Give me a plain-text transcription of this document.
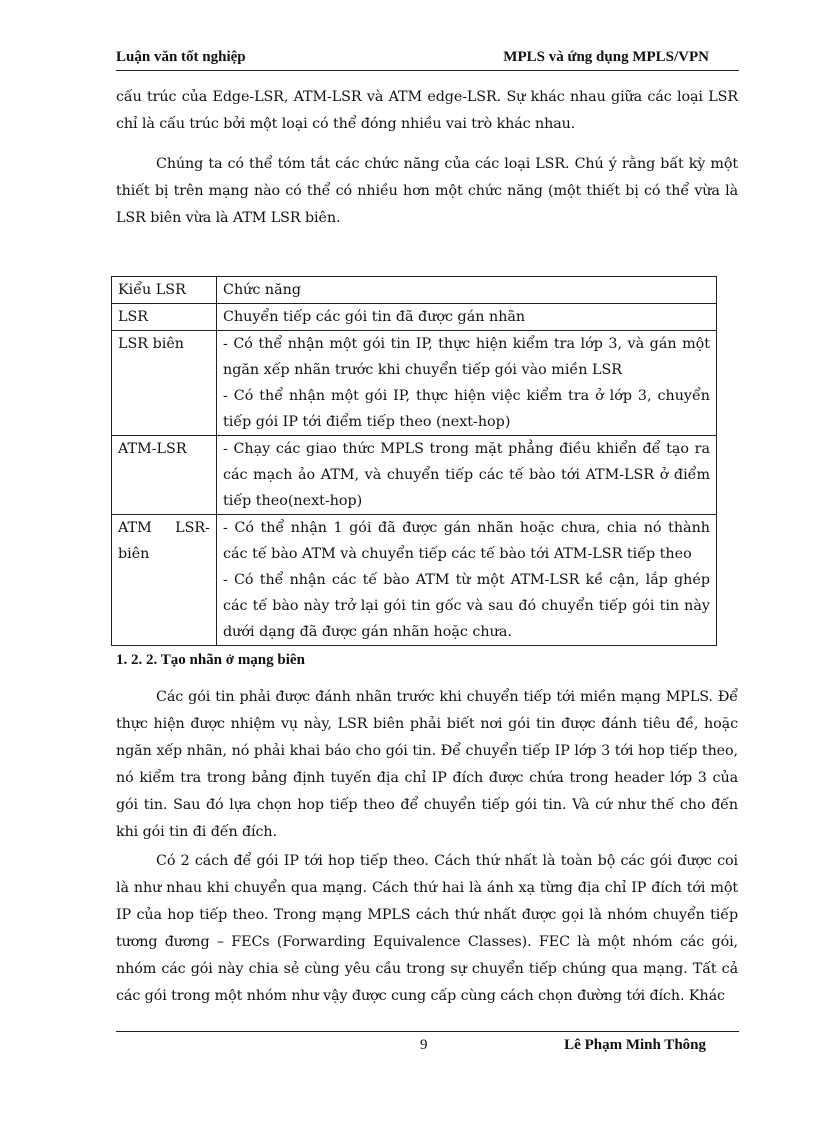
Luận văn tốt nghiệp	MPLS và ứng dụng MPLS/VPN

cấu trúc của Edge-LSR, ATM-LSR và ATM edge-LSR. Sự khác nhau giữa các loại LSR chỉ là cấu trúc bởi một loại có thể đóng nhiều vai trò khác nhau.

Chúng ta có thể tóm tắt các chức năng của các loại LSR. Chú ý rằng bất kỳ một thiết bị trên mạng nào có thể có nhiều hơn một chức năng (một thiết bị có thể vừa là LSR biên vừa là ATM LSR biên.

Kiểu LSR	Chức năng
LSR	Chuyển tiếp các gói tin đã được gán nhãn

LSR biên	- Có thể nhận một gói tin IP, thực hiện kiểm tra lớp 3, và gán một ngăn xếp nhãn trước khi chuyển tiếp gói vào miền LSR
- Có thể nhận một gói IP, thực hiện việc kiểm tra ở lớp 3, chuyển tiếp gói IP tới điểm tiếp theo (next-hop)

ATM-LSR	- Chạy các giao thức MPLS trong mặt phẳng điều khiển để tạo ra các mạch ảo ATM, và chuyển tiếp các tế bào tới ATM-LSR ở điểm tiếp theo(next-hop)

ATM LSR-biên	- Có thể nhận 1 gói đã được gán nhãn hoặc chưa, chia nó thành các tế bào ATM và chuyển tiếp các tế bào tới ATM-LSR tiếp theo
- Có thể nhận các tế bào ATM từ một ATM-LSR kề cận, lắp ghép các tế bào này trở lại gói tin gốc và sau đó chuyển tiếp gói tin này dưới dạng đã được gán nhãn hoặc chưa.
1. 2. 2. Tạo nhãn ở mạng biên

Các gói tin phải được đánh nhãn trước khi chuyển tiếp tới miền mạng MPLS. Để thực hiện được nhiệm vụ này, LSR biên phải biết nơi gói tin được đánh tiêu đề, hoặc ngăn xếp nhãn, nó phải khai báo cho gói tin. Để chuyển tiếp IP lớp 3 tới hop tiếp theo, nó kiểm tra trong bảng định tuyến địa chỉ IP đích được chứa trong header lớp 3 của gói tin. Sau đó lựa chọn hop tiếp theo để chuyển tiếp gói tin. Và cứ như thế cho đến khi gói tin đi đến đích.

Có 2 cách để gói IP tới hop tiếp theo. Cách thứ nhất là toàn bộ các gói được coi là như nhau khi chuyển qua mạng. Cách thứ hai là ánh xạ từng địa chỉ IP đích tới một IP của hop tiếp theo. Trong mạng MPLS cách thứ nhất được gọi là nhóm chuyển tiếp tương đương – FECs (Forwarding Equivalence Classes). FEC là một nhóm các gói, nhóm các gói này chia sẻ cùng yêu cầu trong sự chuyển tiếp chúng qua mạng. Tất cả các gói trong một nhóm như vậy được cung cấp cùng cách chọn đường tới đích. Khác

9	Lê Phạm Minh Thông
